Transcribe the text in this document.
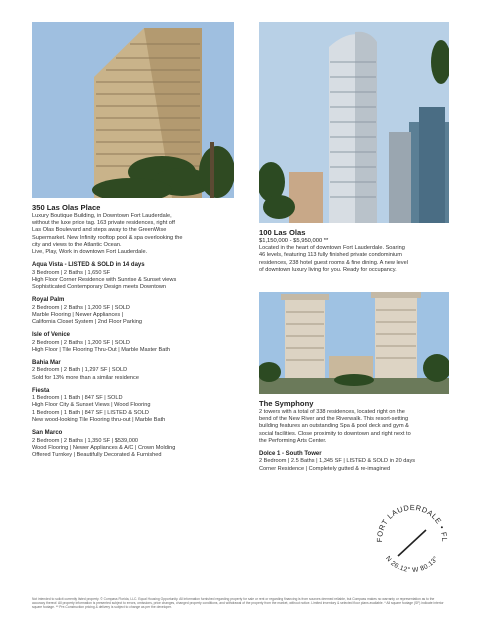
350 Las Olas Place
Luxury Boutique Building, in Downtown Fort Lauderdale,
without the luxe price tag. 163 private residences, right off
Las Olas Boulevard and steps away to the GreenWise
Supermarket. New Infinity rooftop pool & spa overlooking the
city and views to the Atlantic Ocean.
Live, Play, Work in downtown Fort Lauderdale.
Aqua Vista - LISTED & SOLD in 14 days
3 Bedroom | 2 Baths | 1,650 SF
High Floor Corner Residence with Sunrise & Sunset views
Sophisticated Contemporary Design meets Downtown
Royal Palm
2 Bedroom | 2 Baths | 1,200 SF | SOLD
Marble Flooring | Newer Appliances |
California Closet System | 2nd Floor Parking
Isle of Venice
2 Bedroom | 2 Baths | 1,200 SF | SOLD
High Floor | Tile Flooring Thru-Out | Marble Master Bath
Bahia Mar
2 Bedroom | 2 Bath | 1,297 SF | SOLD
Sold for 13% more than a similar residence
Fiesta
1 Bedroom | 1 Bath | 847 SF | SOLD
High Floor City & Sunset Views | Wood Flooring
1 Bedroom | 1 Bath | 847 SF | LISTED & SOLD
New wood-looking Tile Flooring thru-out | Marble Bath
San Marco
2 Bedroom | 2 Baths | 1,350 SF | $539,000
Wood Flooring | Newer Appliances & A/C | Crown Molding
Offered Turnkey | Beautifully Decorated & Furnished
100 Las Olas
$1,150,000 - $5,950,000 **
Located in the heart of downtown Fort Lauderdale. Soaring
46 levels, featuring 113 fully finished private condominium
residences, 238 hotel guest rooms & fine dining. A new level
of downtown luxury living for you. Ready for occupancy.
The Symphony
2 towers with a total of 338 residences, located right on the
bend of the New River and the Riverwalk. This resort-setting
building features an outstanding Spa & pool deck and gym &
social facilities. Close proximity to downtown and right next to
the Performing Arts Center.
Dolce 1 - South Tower
2 Bedroom | 2.5 Baths | 1,345 SF | LISTED & SOLD in 20 days
Corner Residence | Completely gutted & re-imagined
FORT LAUDERDALE • FL
N 26.12° W 80.13°
Not intended to solicit currently listed property. © Compass Florida, LLC. Equal Housing Opportunity. All information furnished regarding property for sale or rent or regarding financing is from sources deemed reliable, but Compass makes no warranty or representation as to the accuracy thereof. All property information is presented subject to errors, omissions, price changes, changed property conditions, and withdrawal of the property from the market, without notice. Limited inventory & selected floor plans available. * All square footage (SF) indicate interior square footage. ** Pre-Construction pricing & delivery is subject to change as per the developer.
